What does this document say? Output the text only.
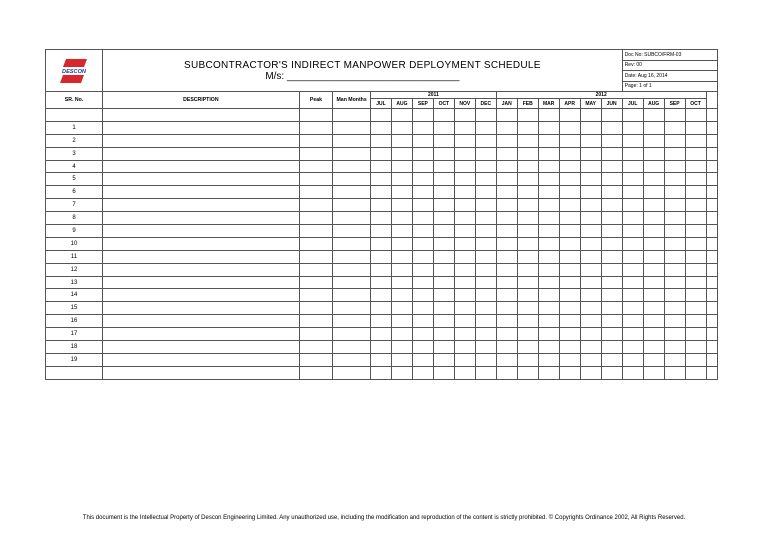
DESCON	SUBCONTRACTOR'S INDIRECT MANPOWER DEPLOYMENT SCHEDULE
M/s: _______________________________															Doc No: SUBCO/FRM-03				
																Rev: 00				
																Date: Aug 16, 2014				
																Page: 1 of 1				
SR. No.	DESCRIPTION	Peak	Man Months	2011						2012										
				JUL	AUG	SEP	OCT	NOV	DEC	JAN	FEB	MAR	APR	MAY	JUN	JUL	AUG	SEP	OCT	

1																				
2																				
3																				
4																				
5																				
6																				
7																				
8																				
9																				
10																				
11																				
12																				
13																				
14																				
15																				
16																				
17																				
18																				
19																				

This document is the Intellectual Property of Descon Engineering Limited. Any unauthorized use, including the modification and reproduction of the content is strictly prohibited. © Copyrights Ordinance 2002, All Rights Reserved.
